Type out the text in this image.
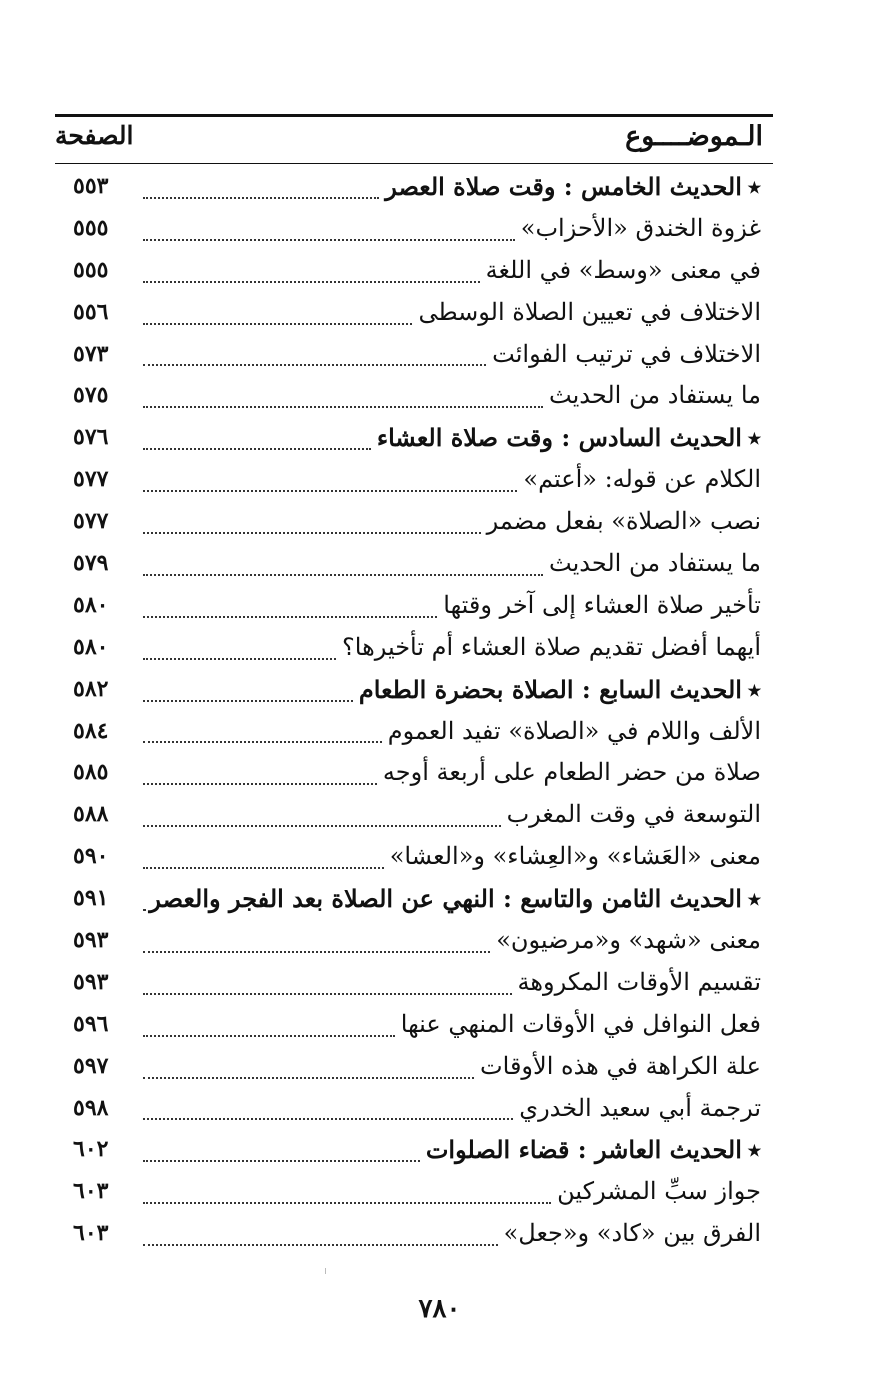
الـموضــــوع
الصفحة
٭الحديث الخامس : وقت صلاة العصر
٥٥٣
غزوة الخندق «الأحزاب»
٥٥٥
في معنى «وسط» في اللغة
٥٥٥
الاختلاف في تعيين الصلاة الوسطى
٥٥٦
الاختلاف في ترتيب الفوائت
٥٧٣
ما يستفاد من الحديث
٥٧٥
٭الحديث السادس : وقت صلاة العشاء
٥٧٦
الكلام عن قوله: «أعتم»
٥٧٧
نصب «الصلاة» بفعل مضمر
٥٧٧
ما يستفاد من الحديث
٥٧٩
تأخير صلاة العشاء إلى آخر وقتها
٥٨٠
أيهما أفضل تقديم صلاة العشاء أم تأخيرها؟
٥٨٠
٭الحديث السابع : الصلاة بحضرة الطعام
٥٨٢
الألف واللام في «الصلاة» تفيد العموم
٥٨٤
صلاة من حضر الطعام على أربعة أوجه
٥٨٥
التوسعة في وقت المغرب
٥٨٨
معنى «العَشاء» و«العِشاء» و«العشا»
٥٩٠
٭الحديث الثامن والتاسع : النهي عن الصلاة بعد الفجر والعصر
٥٩١
معنى «شهد» و«مرضيون»
٥٩٣
تقسيم الأوقات المكروهة
٥٩٣
فعل النوافل في الأوقات المنهي عنها
٥٩٦
علة الكراهة في هذه الأوقات
٥٩٧
ترجمة أبي سعيد الخدري
٥٩٨
٭الحديث العاشر : قضاء الصلوات
٦٠٢
جواز سبِّ المشركين
٦٠٣
الفرق بين «كاد» و«جعل»
٦٠٣
٧٨٠
